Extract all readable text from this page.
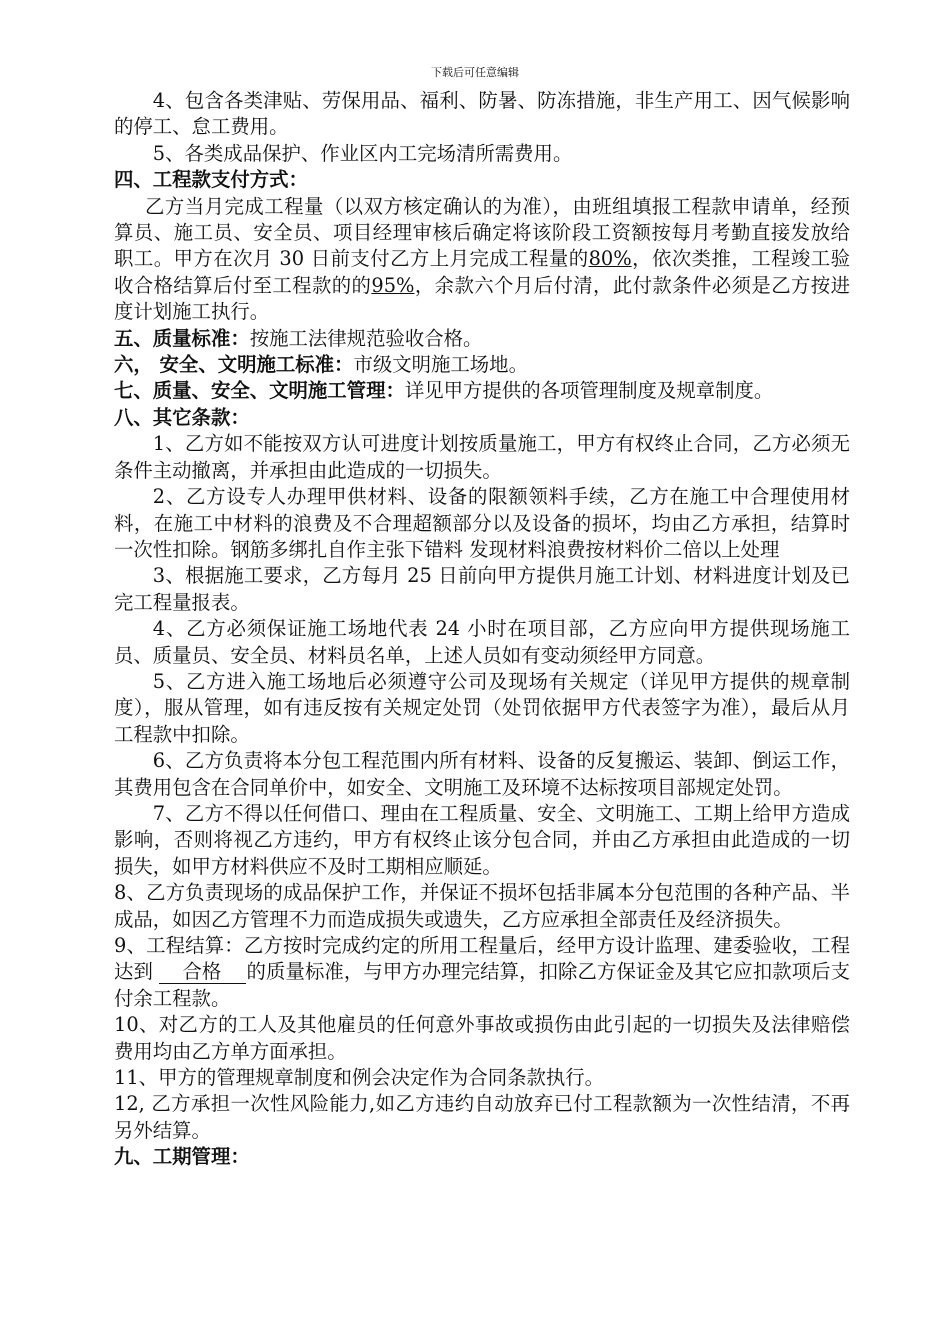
下载后可任意编辑

4、包含各类津贴、劳保用品、福利、防暑、防冻措施，非生产用工、因气候影响的停工、怠工费用。

5、各类成品保护、作业区内工完场清所需费用。

四、工程款支付方式：

乙方当月完成工程量（以双方核定确认的为准），由班组填报工程款申请单，经预算员、施工员、安全员、项目经理审核后确定将该阶段工资额按每月考勤直接发放给职工。甲方在次月 30 日前支付乙方上月完成工程量的80%，依次类推，工程竣工验收合格结算后付至工程款的的95%，余款六个月后付清，此付款条件必须是乙方按进度计划施工执行。

五、质量标准：按施工法律规范验收合格。

六， 安全、文明施工标准：市级文明施工场地。

七、质量、安全、文明施工管理：详见甲方提供的各项管理制度及规章制度。

八、其它条款：

1、乙方如不能按双方认可进度计划按质量施工，甲方有权终止合同，乙方必须无条件主动撤离，并承担由此造成的一切损失。

2、乙方设专人办理甲供材料、设备的限额领料手续，乙方在施工中合理使用材料，在施工中材料的浪费及不合理超额部分以及设备的损坏，均由乙方承担，结算时一次性扣除。钢筋多绑扎自作主张下错料 发现材料浪费按材料价二倍以上处理

3、根据施工要求，乙方每月 25 日前向甲方提供月施工计划、材料进度计划及已完工程量报表。

4、乙方必须保证施工场地代表 24 小时在项目部，乙方应向甲方提供现场施工员、质量员、安全员、材料员名单，上述人员如有变动须经甲方同意。

5、乙方进入施工场地后必须遵守公司及现场有关规定（详见甲方提供的规章制度），服从管理，如有违反按有关规定处罚（处罚依据甲方代表签字为准），最后从月工程款中扣除。

6、乙方负责将本分包工程范围内所有材料、设备的反复搬运、装卸、倒运工作，其费用包含在合同单价中，如安全、文明施工及环境不达标按项目部规定处罚。

7、乙方不得以任何借口、理由在工程质量、安全、文明施工、工期上给甲方造成 影响，否则将视乙方违约，甲方有权终止该分包合同，并由乙方承担由此造成的一切损失，如甲方材料供应不及时工期相应顺延。

8、乙方负责现场的成品保护工作，并保证不损坏包括非属本分包范围的各种产品、半成品，如因乙方管理不力而造成损失或遗失，乙方应承担全部责任及经济损失。

9、工程结算：乙方按时完成约定的所用工程量后，经甲方设计监理、建委验收，工程达到 合格 的质量标准，与甲方办理完结算，扣除乙方保证金及其它应扣款项后支付余工程款。

10、对乙方的工人及其他雇员的任何意外事故或损伤由此引起的一切损失及法律赔偿费用均由乙方单方面承担。

11、甲方的管理规章制度和例会决定作为合同条款执行。

12, 乙方承担一次性风险能力,如乙方违约自动放弃已付工程款额为一次性结清，不再另外结算。

九、工期管理：
